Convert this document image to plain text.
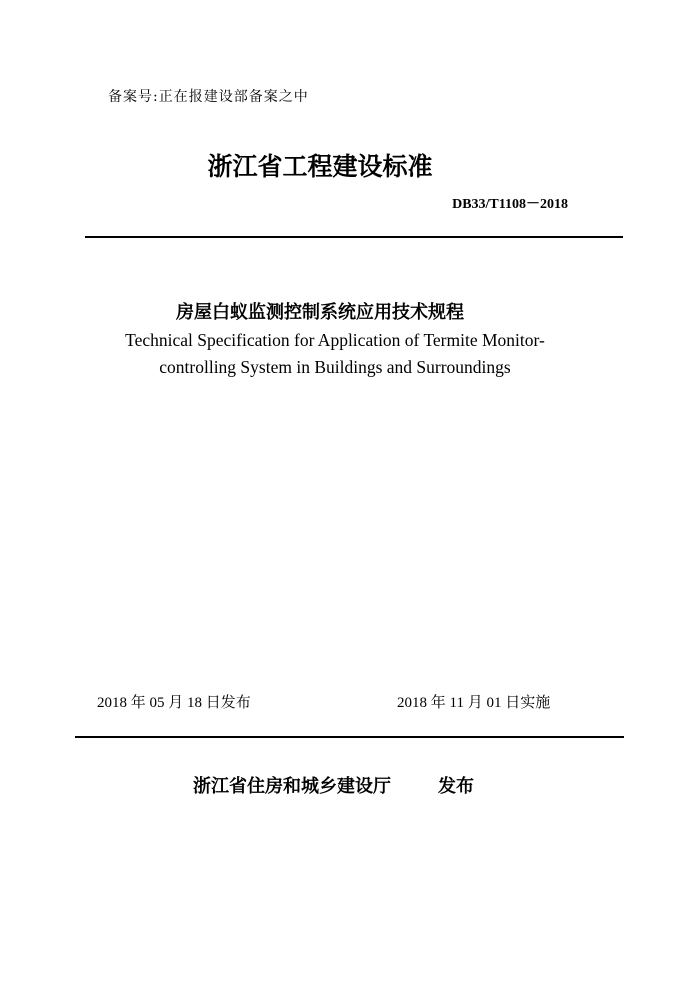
备案号:正在报建设部备案之中
浙江省工程建设标准
DB33/T1108－2018
房屋白蚁监测控制系统应用技术规程
Technical Specification for Application of Termite Monitor-
controlling System in Buildings and Surroundings
2018 年 05 月 18 日发布	2018 年 11 月 01 日实施
浙江省住房和城乡建设厅	发布
